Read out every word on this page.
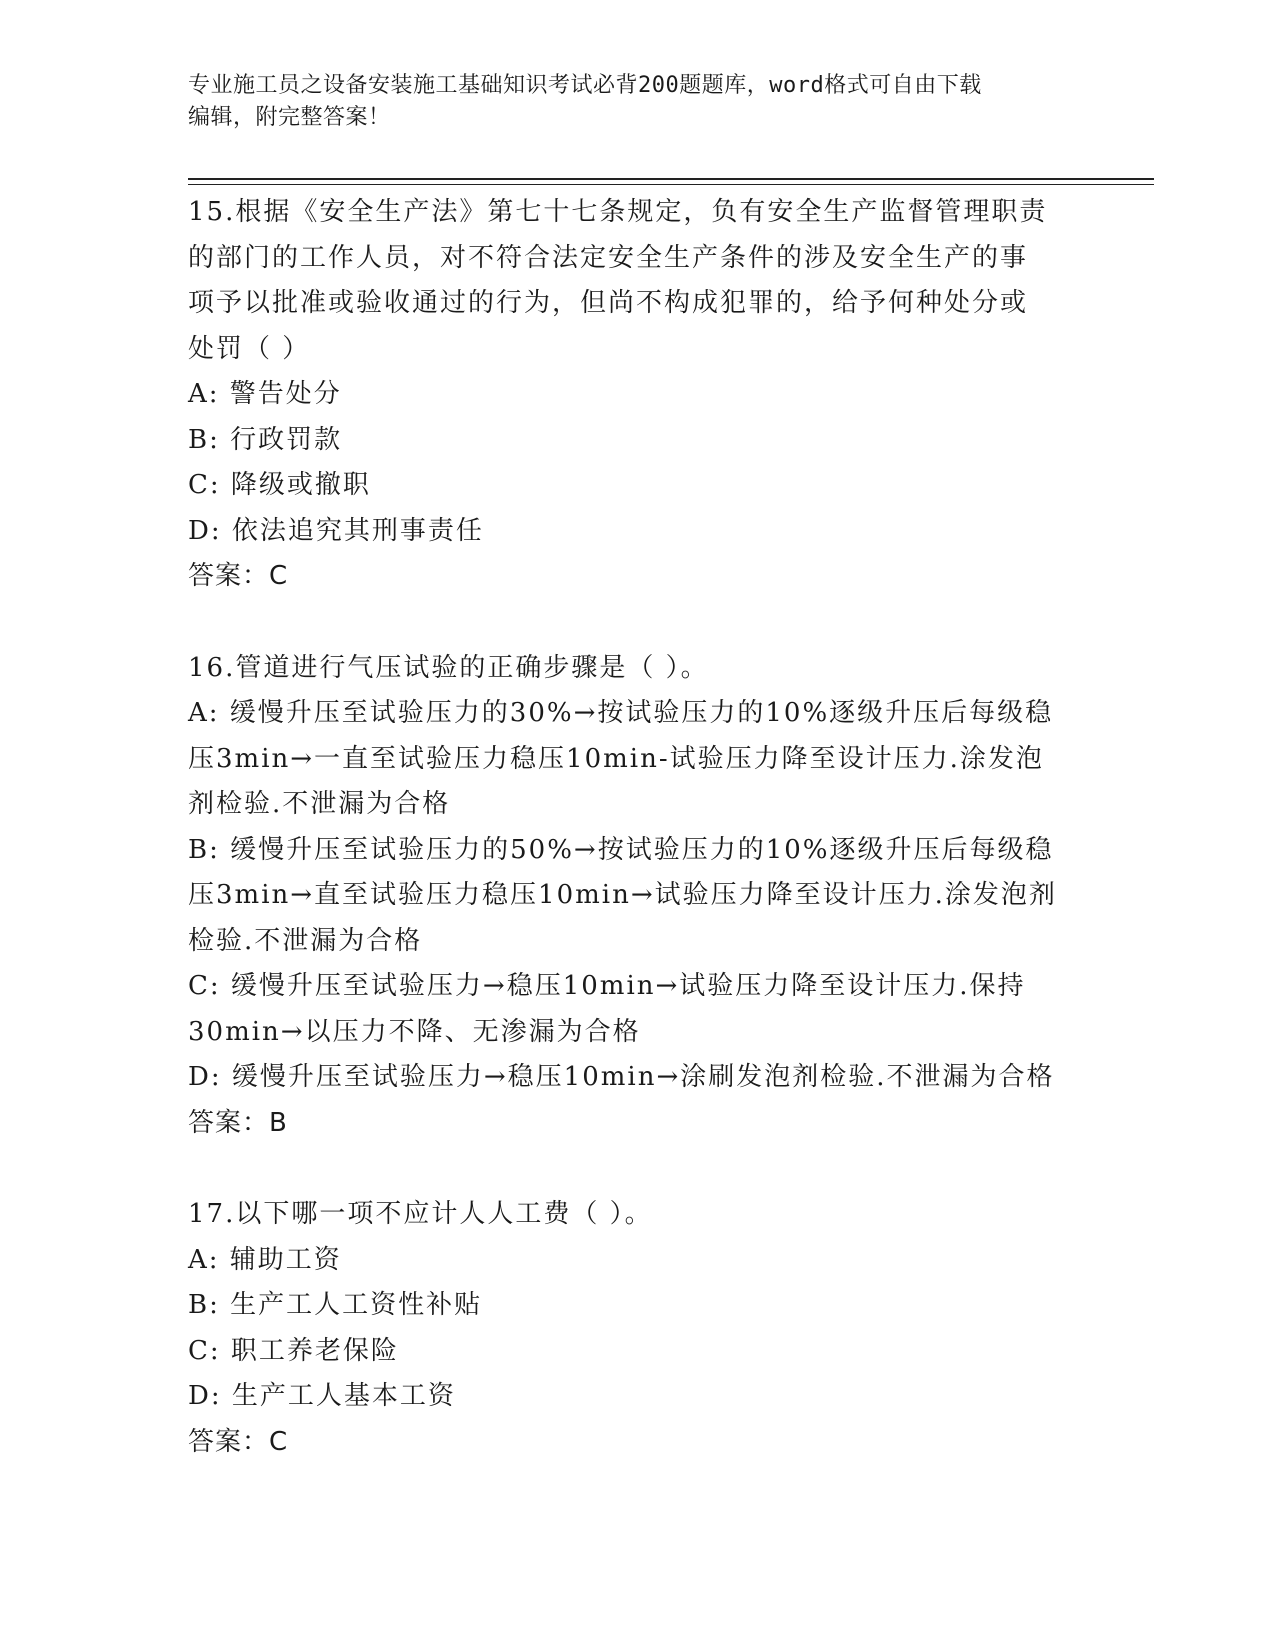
专业施工员之设备安装施工基础知识考试必背200题题库，word格式可自由下载
编辑，附完整答案！

15.根据《安全生产法》第七十七条规定，负有安全生产监督管理职责

的部门的工作人员，对不符合法定安全生产条件的涉及安全生产的事

项予以批准或验收通过的行为，但尚不构成犯罪的，给予何种处分或

处罚（ ）

A: 警告处分

B: 行政罚款

C: 降级或撤职

D: 依法追究其刑事责任

答案：C

16.管道进行气压试验的正确步骤是（ ）。

A: 缓慢升压至试验压力的30%→按试验压力的10%逐级升压后每级稳

压3min→一直至试验压力稳压10min-试验压力降至设计压力.涂发泡

剂检验.不泄漏为合格

B: 缓慢升压至试验压力的50%→按试验压力的10%逐级升压后每级稳

压3min→直至试验压力稳压10min→试验压力降至设计压力.涂发泡剂

检验.不泄漏为合格

C: 缓慢升压至试验压力→稳压10min→试验压力降至设计压力.保持

30min→以压力不降、无渗漏为合格

D: 缓慢升压至试验压力→稳压10min→涂刷发泡剂检验.不泄漏为合格

答案：B

17.以下哪一项不应计人人工费（ ）。

A: 辅助工资

B: 生产工人工资性补贴

C: 职工养老保险

D: 生产工人基本工资

答案：C
